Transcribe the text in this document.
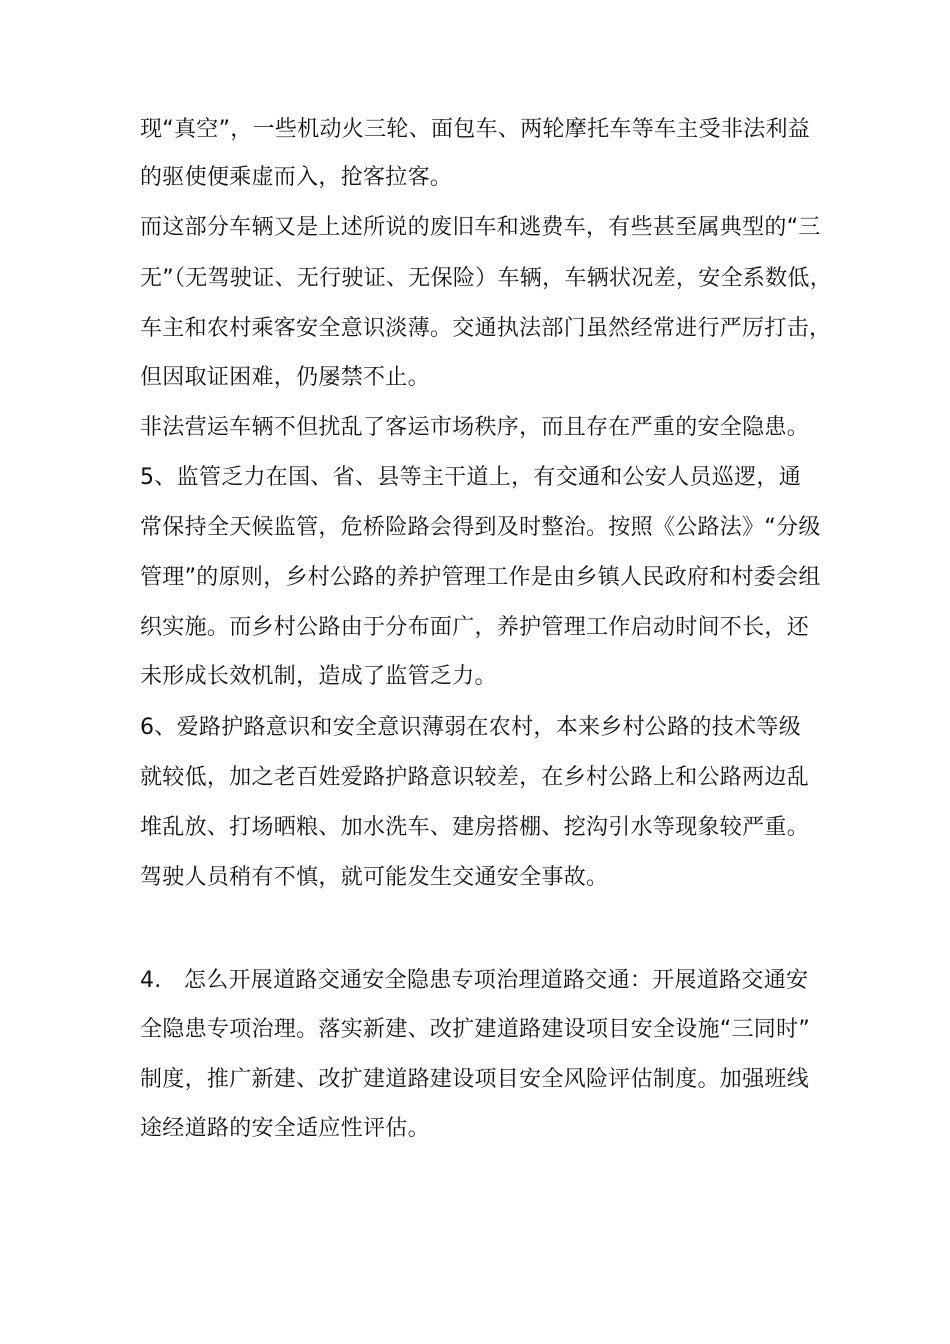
现“真空”，一些机动火三轮、面包车、两轮摩托车等车主受非法利益
的驱使便乘虚而入，抢客拉客。
而这部分车辆又是上述所说的废旧车和逃费车，有些甚至属典型的“三
无”（无驾驶证、无行驶证、无保险）车辆，车辆状况差，安全系数低，
车主和农村乘客安全意识淡薄。交通执法部门虽然经常进行严厉打击，
但因取证困难，仍屡禁不止。
非法营运车辆不但扰乱了客运市场秩序，而且存在严重的安全隐患。
5、监管乏力在国、省、县等主干道上，有交通和公安人员巡逻，通
常保持全天候监管，危桥险路会得到及时整治。按照《公路法》“分级
管理”的原则，乡村公路的养护管理工作是由乡镇人民政府和村委会组
织实施。而乡村公路由于分布面广，养护管理工作启动时间不长，还
未形成长效机制，造成了监管乏力。
6、爱路护路意识和安全意识薄弱在农村，本来乡村公路的技术等级
就较低，加之老百姓爱路护路意识较差，在乡村公路上和公路两边乱
堆乱放、打场晒粮、加水洗车、建房搭棚、挖沟引水等现象较严重。
驾驶人员稍有不慎，就可能发生交通安全事故。
4.　怎么开展道路交通安全隐患专项治理道路交通：开展道路交通安
全隐患专项治理。落实新建、改扩建道路建设项目安全设施“三同时”
制度，推广新建、改扩建道路建设项目安全风险评估制度。加强班线
途经道路的安全适应性评估。
